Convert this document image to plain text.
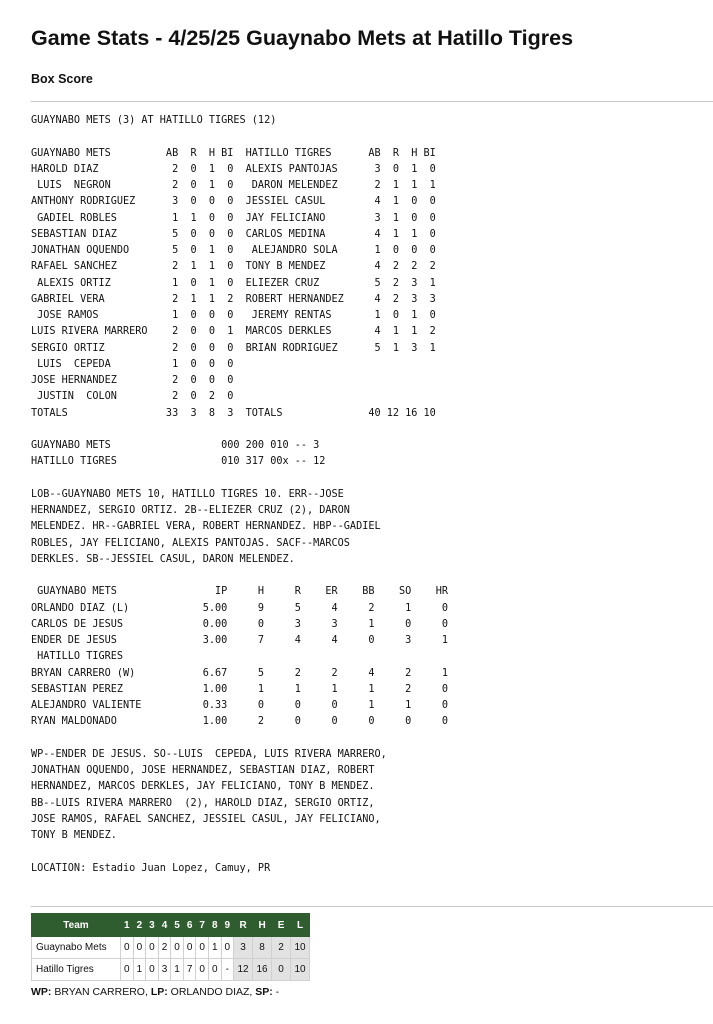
Game Stats - 4/25/25 Guaynabo Mets at Hatillo Tigres
Box Score
GUAYNABO METS (3) AT HATILLO TIGRES (12)

GUAYNABO METS         AB  R  H BI  HATILLO TIGRES      AB  R  H BI
HAROLD DIAZ            2  0  1  0  ALEXIS PANTOJAS      3  0  1  0
LUIS  NEGRON          2  0  1  0   DARON MELENDEZ      2  1  1  1
ANTHONY RODRIGUEZ      3  0  0  0  JESSIEL CASUL        4  1  0  0
GADIEL ROBLES         1  1  0  0  JAY FELICIANO        3  1  0  0
SEBASTIAN DIAZ         5  0  0  0  CARLOS MEDINA        4  1  1  0
JONATHAN OQUENDO       5  0  1  0   ALEJANDRO SOLA      1  0  0  0
RAFAEL SANCHEZ         2  1  1  0  TONY B MENDEZ        4  2  2  2
ALEXIS ORTIZ          1  0  1  0  ELIEZER CRUZ         5  2  3  1
GABRIEL VERA           2  1  1  2  ROBERT HERNANDEZ     4  2  3  3
JOSE RAMOS            1  0  0  0   JEREMY RENTAS       1  0  1  0
LUIS RIVERA MARRERO    2  0  0  1  MARCOS DERKLES       4  1  1  2
SERGIO ORTIZ           2  0  0  0  BRIAN RODRIGUEZ      5  1  3  1
LUIS  CEPEDA          1  0  0  0
JOSE HERNANDEZ         2  0  0  0
JUSTIN  COLON         2  0  2  0
TOTALS                33  3  8  3  TOTALS              40 12 16 10

GUAYNABO METS                  000 200 010 -- 3
HATILLO TIGRES                 010 317 00x -- 12

LOB--GUAYNABO METS 10, HATILLO TIGRES 10. ERR--JOSE
HERNANDEZ, SERGIO ORTIZ. 2B--ELIEZER CRUZ (2), DARON
MELENDEZ. HR--GABRIEL VERA, ROBERT HERNANDEZ. HBP--GADIEL
ROBLES, JAY FELICIANO, ALEXIS PANTOJAS. SACF--MARCOS
DERKLES. SB--JESSIEL CASUL, DARON MELENDEZ.

GUAYNABO METS                IP     H     R    ER    BB    SO    HR
ORLANDO DIAZ (L)            5.00     9     5     4     2     1     0
CARLOS DE JESUS             0.00     0     3     3     1     0     0
ENDER DE JESUS              3.00     7     4     4     0     3     1
HATILLO TIGRES
BRYAN CARRERO (W)           6.67     5     2     2     4     2     1
SEBASTIAN PEREZ             1.00     1     1     1     1     2     0
ALEJANDRO VALIENTE          0.33     0     0     0     1     1     0
RYAN MALDONADO              1.00     2     0     0     0     0     0

WP--ENDER DE JESUS. SO--LUIS  CEPEDA, LUIS RIVERA MARRERO,
JONATHAN OQUENDO, JOSE HERNANDEZ, SEBASTIAN DIAZ, ROBERT
HERNANDEZ, MARCOS DERKLES, JAY FELICIANO, TONY B MENDEZ.
BB--LUIS RIVERA MARRERO  (2), HAROLD DIAZ, SERGIO ORTIZ,
JOSE RAMOS, RAFAEL SANCHEZ, JESSIEL CASUL, JAY FELICIANO,
TONY B MENDEZ.

LOCATION: Estadio Juan Lopez, Camuy, PR
Team	1	2	3	4	5	6	7	8	9	R	H	E	L
Guaynabo Mets	0	0	0	2	0	0	0	1	0	3	8	2	10
Hatillo Tigres	0	1	0	3	1	7	0	0	-	12	16	0	10

WP: BRYAN CARRERO, LP: ORLANDO DIAZ, SP: -
